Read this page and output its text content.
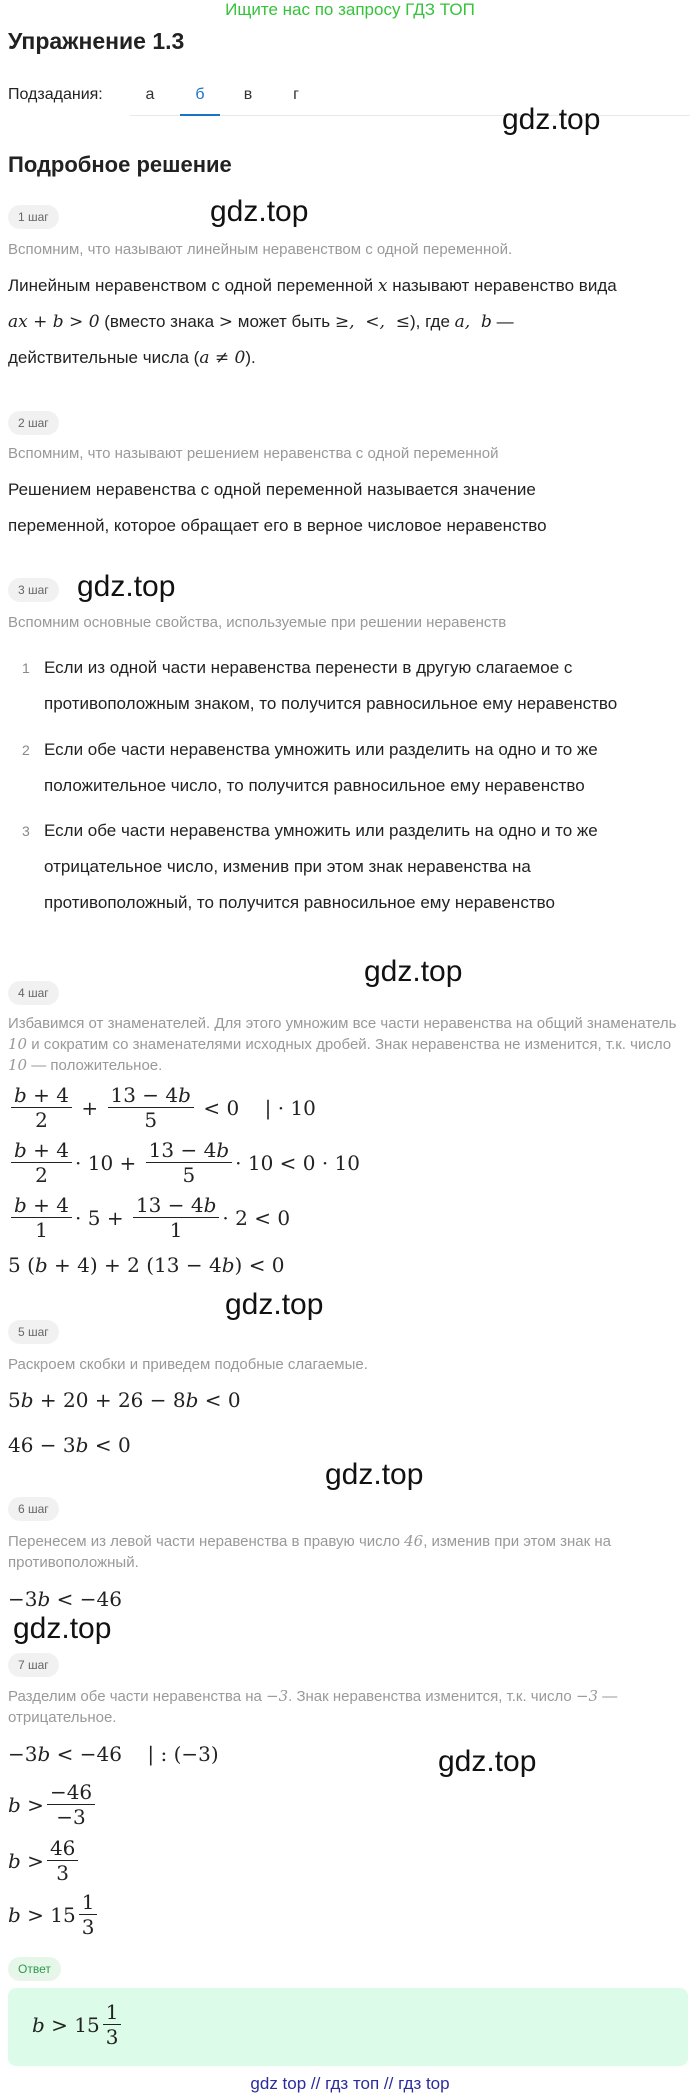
Ищите нас по запросу ГДЗ ТОП
Упражнение 1.3
Подзадания:	а	б	в	г
gdz.top
Подробное решение
1 шаг	gdz.top
Вспомним, что называют линейным неравенством с одной переменной.
Линейным неравенством с одной переменной x называют неравенство вида
ax + b > 0 (вместо знака > может быть ≥,  <,  ≤), где a,  b —
действительные числа (a ≠ 0).
2 шаг
Вспомним, что называют решением неравенства с одной переменной
Решением неравенства с одной переменной называется значение переменной, которое обращает его в верное числовое неравенство
3 шаг gdz.top
Вспомним основные свойства, используемые при решении неравенств
1 Если из одной части неравенства перенести в другую слагаемое с противоположным знаком, то получится равносильное ему неравенство
2 Если обе части неравенства умножить или разделить на одно и то же положительное число, то получится равносильное ему неравенство
3 Если обе части неравенства умножить или разделить на одно и то же отрицательное число, изменив при этом знак неравенства на противоположный, то получится равносильное ему неравенство
gdz.top
4 шаг
Избавимся от знаменателей. Для этого умножим все части неравенства на общий знаменатель 10 и сократим со знаменателями исходных дробей. Знак неравенства не изменится, т.к. число 10 — положительное.
$\frac{b + 4}{2} + \frac{13 - 4b}{5} < 0$    | · 10
$\frac{b + 4}{2} \cdot 10 + \frac{13 - 4b}{5} \cdot 10 < 0 \cdot 10$
$\frac{b + 4}{1} \cdot 5 + \frac{13 - 4b}{1} \cdot 2 < 0$
5 (b + 4) + 2 (13 − 4b) < 0
gdz.top
5 шаг
Раскроем скобки и приведем подобные слагаемые.
5b + 20 + 26 − 8b < 0
46 − 3b < 0
gdz.top
6 шаг
Перенесем из левой части неравенства в правую число 46, изменив при этом знак на противоположный.
−3b < −46
gdz.top
7 шаг
Разделим обе части неравенства на −3. Знак неравенства изменится, т.к. число −3 — отрицательное.
gdz.top
−3b < −46    | : (−3)
$b > \frac{-46}{-3}$
$b > \frac{46}{3}$
$b > 15 \frac{1}{3}$
Ответ
$b > 15 \frac{1}{3}$
gdz top // гдз топ // гдз top
